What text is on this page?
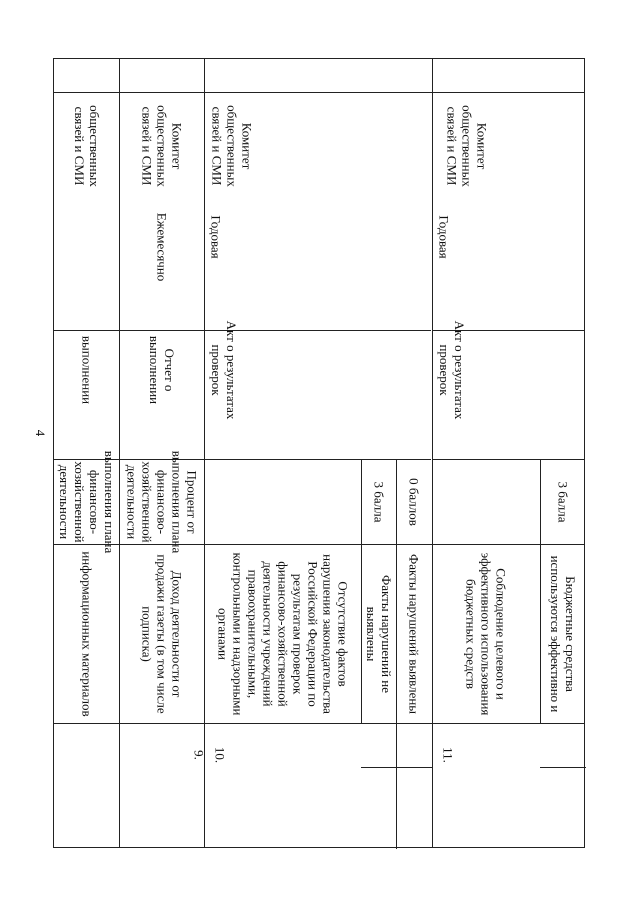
4
информационных материалов
выполнения плана
финансово-
хозяйственной
деятельности
выполнении
общественных
связей и СМИ
9.
Доход деятельности от
продажи газеты (в том числе
подписка)
Процент от
выполнения плана
финансово-
хозяйственной
деятельности
Отчет о
выполнении
Ежемесячно
Комитет
общественных
связей и СМИ
10.
Отсутствие фактов
нарушения законодательства
Российской Федерации по
результатам проверок
финансово-хозяйственной
деятельности учреждений
правоохранительными,
контрольными и надзорными
органами
Акт о результатах
проверок
Годовая
Комитет
общественных
связей и СМИ
Факты нарушений не
выявлены
3 балла
Факты нарушений выявлены
0 баллов
11.
Соблюдение целевого и
эффективного использования
бюджетных средств
Акт о результатах
проверок
Годовая
Комитет
общественных
связей и СМИ
Бюджетные средства
используются эффективно и
3 балла
